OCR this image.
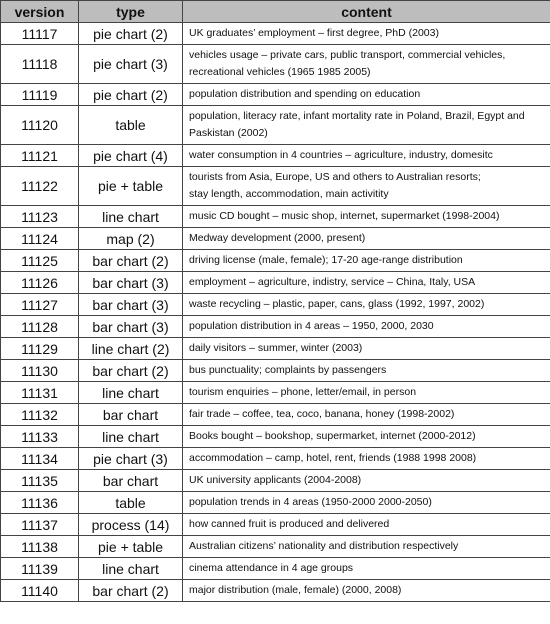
version	type	content
11117	pie chart (2)	UK graduates’ employment – first degree, PhD (2003)

11118	pie chart (3)	vehicles usage – private cars, public transport, commercial vehicles,
recreational vehicles (1965 1985 2005)

11119	pie chart (2)	population distribution and spending on education

11120	table	population, literacy rate, infant mortality rate in Poland, Brazil, Egypt and
Paskistan (2002)

11121	pie chart (4)	water consumption in 4 countries – agriculture, industry, domesitc

11122	pie + table	tourists from Asia, Europe, US and others to Australian resorts;
stay length, accommodation, main activitity

11123	line chart	music CD bought – music shop, internet, supermarket (1998-2004)

11124	map (2)	Medway development (2000, present)

11125	bar chart (2)	driving license (male, female); 17-20 age-range distribution

11126	bar chart (3)	employment – agriculture, indistry, service – China, Italy, USA

11127	bar chart (3)	waste recycling – plastic, paper, cans, glass (1992, 1997, 2002)

11128	bar chart (3)	population distribution in 4 areas – 1950, 2000, 2030

11129	line chart (2)	daily visitors – summer, winter (2003)

11130	bar chart (2)	bus punctuality; complaints by passengers

11131	line chart	tourism enquiries – phone, letter/email, in person

11132	bar chart	fair trade – coffee, tea, coco, banana, honey (1998-2002)

11133	line chart	Books bought – bookshop, supermarket, internet (2000-2012)

11134	pie chart (3)	accommodation – camp, hotel, rent, friends (1988 1998 2008)

11135	bar chart	UK university applicants (2004-2008)

11136	table	population trends in 4 areas (1950-2000 2000-2050)

11137	process (14)	how canned fruit is produced and delivered

11138	pie + table	Australian citizens’ nationality and distribution respectively

11139	line chart	cinema attendance in 4 age groups

11140	bar chart (2)	major distribution (male, female) (2000, 2008)
